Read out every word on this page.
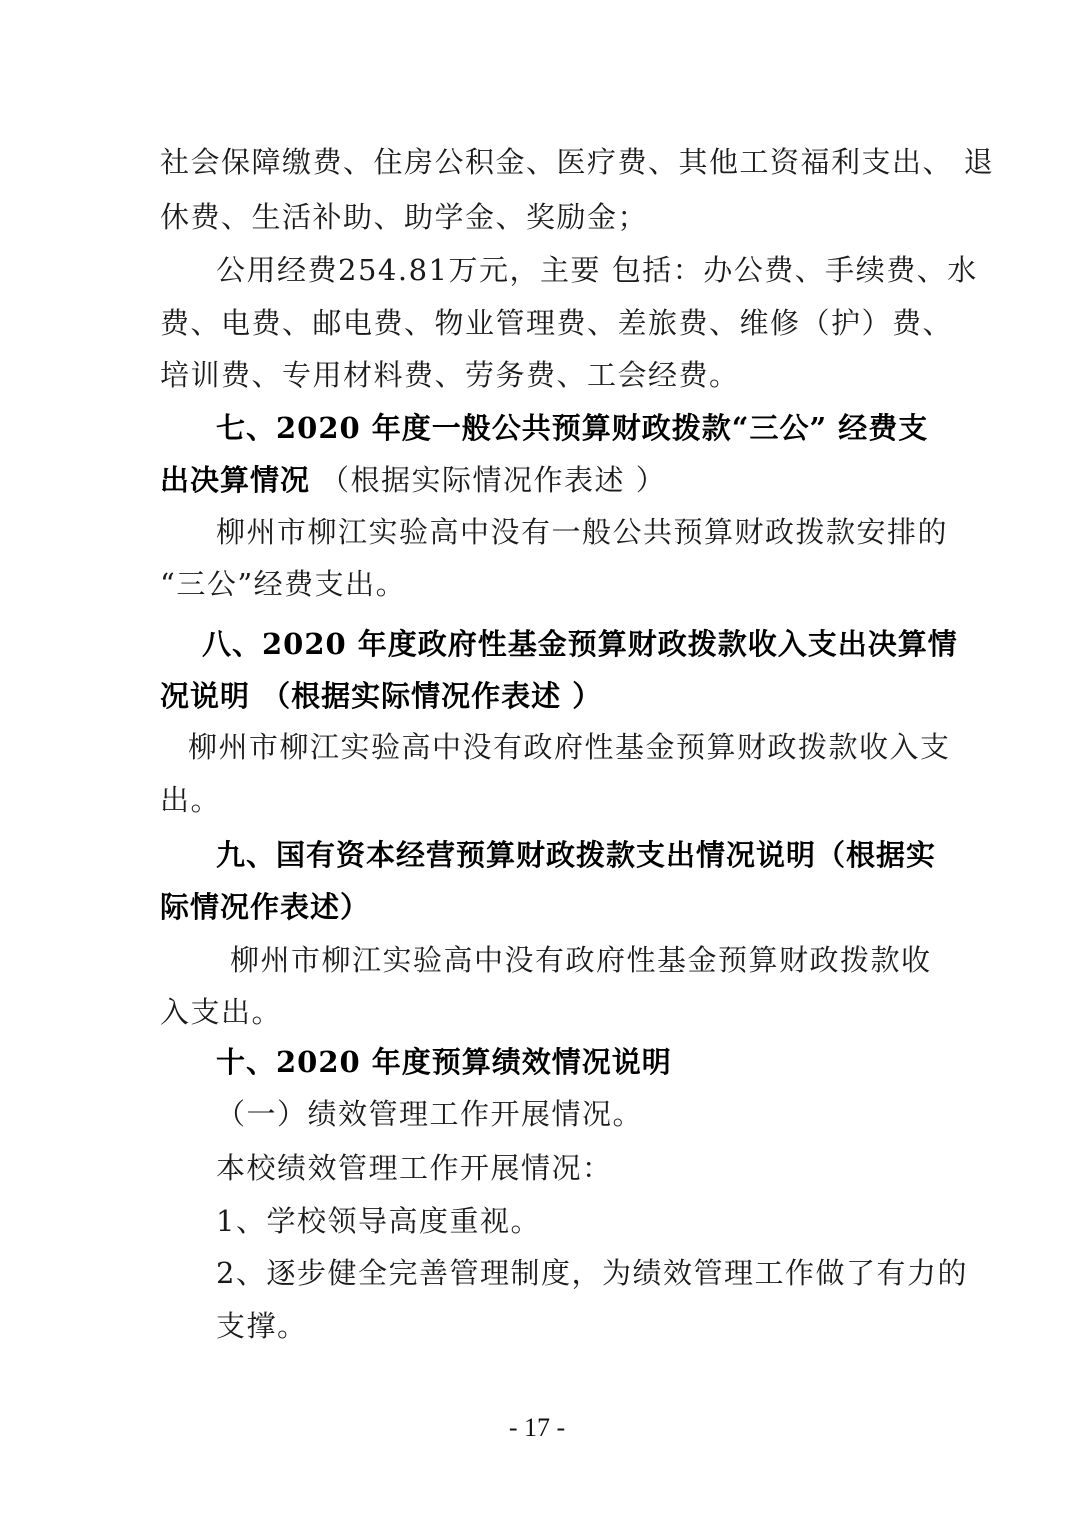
社会保障缴费、住房公积金、医疗费、其他工资福利支出、 退
休费、生活补助、助学金、奖励金；
公用经费254.81万元，主要 包括：办公费、手续费、水
费、电费、邮电费、物业管理费、差旅费、维修（护）费、
培训费、专用材料费、劳务费、工会经费。
七、2020 年度一般公共预算财政拨款“三公” 经费支
出决算情况 （根据实际情况作表述 ）
柳州市柳江实验高中没有一般公共预算财政拨款安排的
“三公”经费支出。
八、2020 年度政府性基金预算财政拨款收入支出决算情
况说明 （根据实际情况作表述 ）
柳州市柳江实验高中没有政府性基金预算财政拨款收入支
出。
九、国有资本经营预算财政拨款支出情况说明（根据实
际情况作表述）
柳州市柳江实验高中没有政府性基金预算财政拨款收
入支出。
十、2020 年度预算绩效情况说明
（一）绩效管理工作开展情况。
本校绩效管理工作开展情况：
1、学校领导高度重视。
2、逐步健全完善管理制度，为绩效管理工作做了有力的
支撑。
- 17 -
